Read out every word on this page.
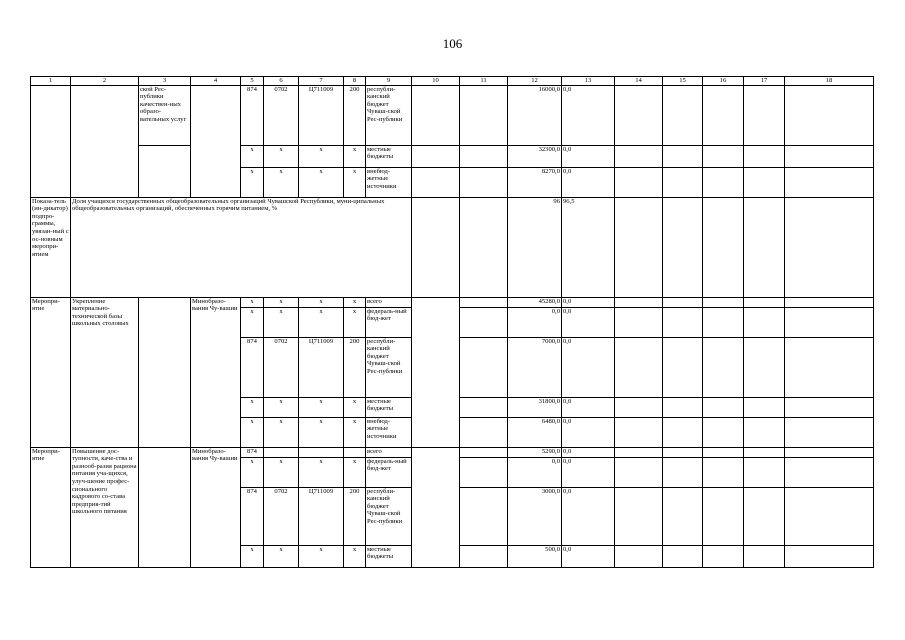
106
1	2	3	4	5	6	7	8	9	10	11	12	13	14	15	16	17	18
		ской Рес-публики качествен-ных образо-вательных услуг		874	0702	Ц711009	200	республи-канский бюджет Чуваш-ской Рес-публики			16000,0	0,0					
				x	x	x	x	местные бюджеты			32300,0	0,0					
				x	x	x	x	внебюд-жетные источники			8270,0	0,0					
Показа-тель (ин-дикатор) подпро-граммы, увязан-ный с ос-новным меропри-ятием	Доля учащихся государственных общеобразовательных организаций Чувашской Республики, муни-ципальных общеобразовательных организаций, обеспеченных горячим питанием, %										96	96,5					
Меропри-ятие	Укрепление материально-технической базы школьных столовых		Минобразо-вания Чу-вашии	x	x	x	x	всего			45280,0	0,0					
				x	x	x	x	федераль-ный бюд-жет			0,0	0,0					
				874	0702	Ц711009	200	республи-канский бюджет Чуваш-ской Рес-публики			7000,0	0,0					
				x	x	x	x	местные бюджеты			31800,0	0,0					
				x	x	x	x	внебюд-жетные источники			6480,0	0,0					
Меропри-ятие	Повышение дос-тупности, каче-ства и разнооб-разия рациона питания уча-щихся, улуч-шение профес-сионального кадрового со-става предприя-тий школьного питания		Минобразо-вания Чу-вашии	874				всего			5290,0	0,0					
				x	x	x	x	федераль-ный бюд-жет			0,0	0,0					
				874	0702	Ц711009	200	республи-канский бюджет Чуваш-ской Рес-публики			3000,0	0,0					
				x	x	x	x	местные бюджеты			500,0	0,0					
